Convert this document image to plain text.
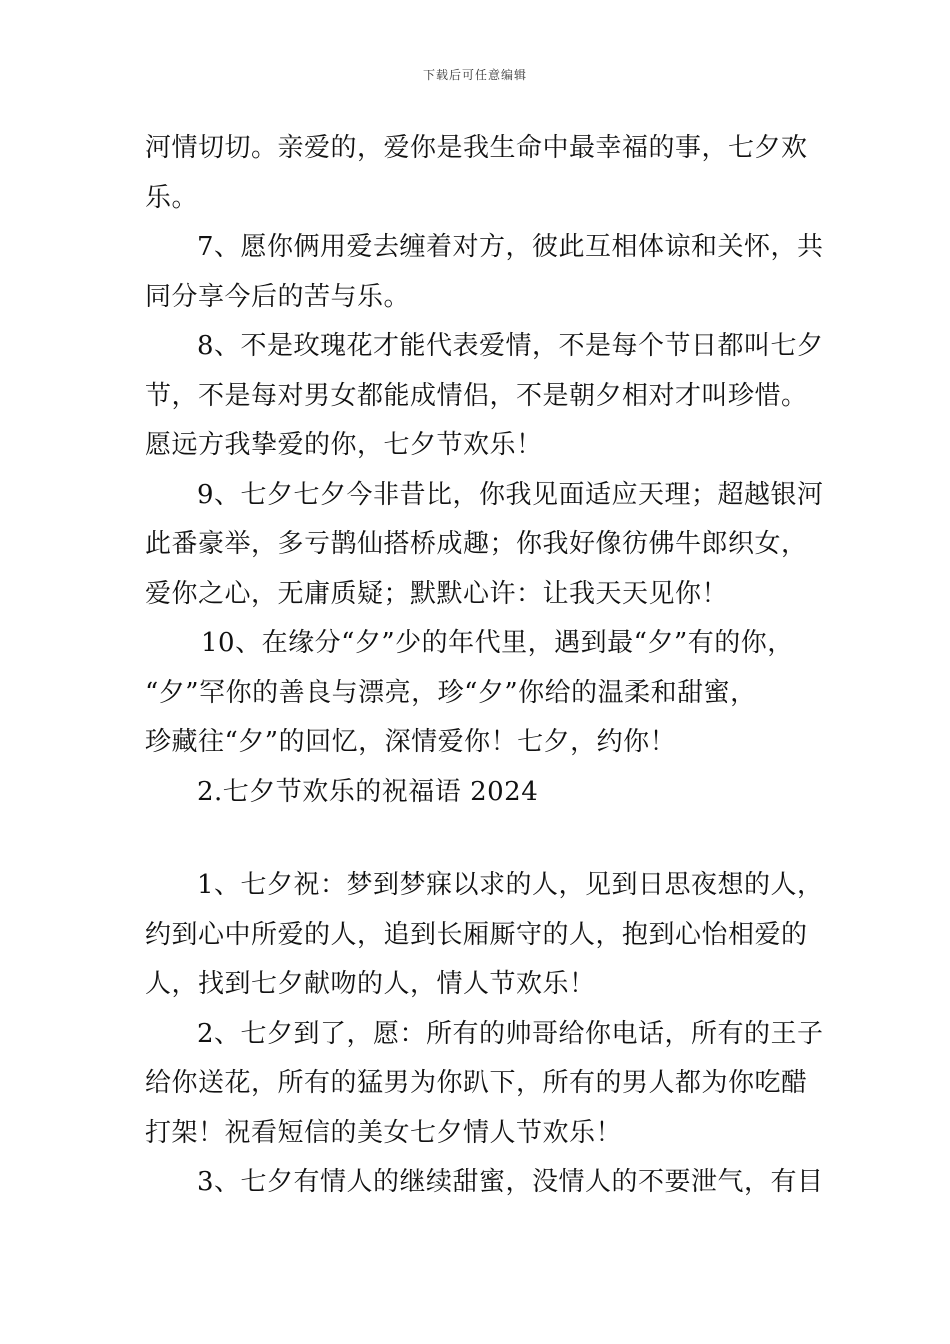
下载后可任意编辑
河情切切。亲爱的，爱你是我生命中最幸福的事，七夕欢
乐。
7、愿你俩用爱去缠着对方，彼此互相体谅和关怀，共
同分享今后的苦与乐。
8、不是玫瑰花才能代表爱情，不是每个节日都叫七夕
节，不是每对男女都能成情侣，不是朝夕相对才叫珍惜。
愿远方我挚爱的你，七夕节欢乐！
9、七夕七夕今非昔比，你我见面适应天理；超越银河
此番豪举，多亏鹊仙搭桥成趣；你我好像彷佛牛郎织女，
爱你之心，无庸质疑；默默心许：让我天天见你！
10、在缘分“夕”少的年代里，遇到最“夕”有的你，
“夕”罕你的善良与漂亮，珍“夕”你给的温柔和甜蜜，
珍藏往“夕”的回忆，深情爱你！七夕，约你！
2.七夕节欢乐的祝福语 2024
1、七夕祝：梦到梦寐以求的人，见到日思夜想的人，
约到心中所爱的人，追到长厢厮守的人，抱到心怡相爱的
人，找到七夕献吻的人，情人节欢乐！
2、七夕到了，愿：所有的帅哥给你电话，所有的王子
给你送花，所有的猛男为你趴下，所有的男人都为你吃醋
打架！祝看短信的美女七夕情人节欢乐！
3、七夕有情人的继续甜蜜，没情人的不要泄气，有目
